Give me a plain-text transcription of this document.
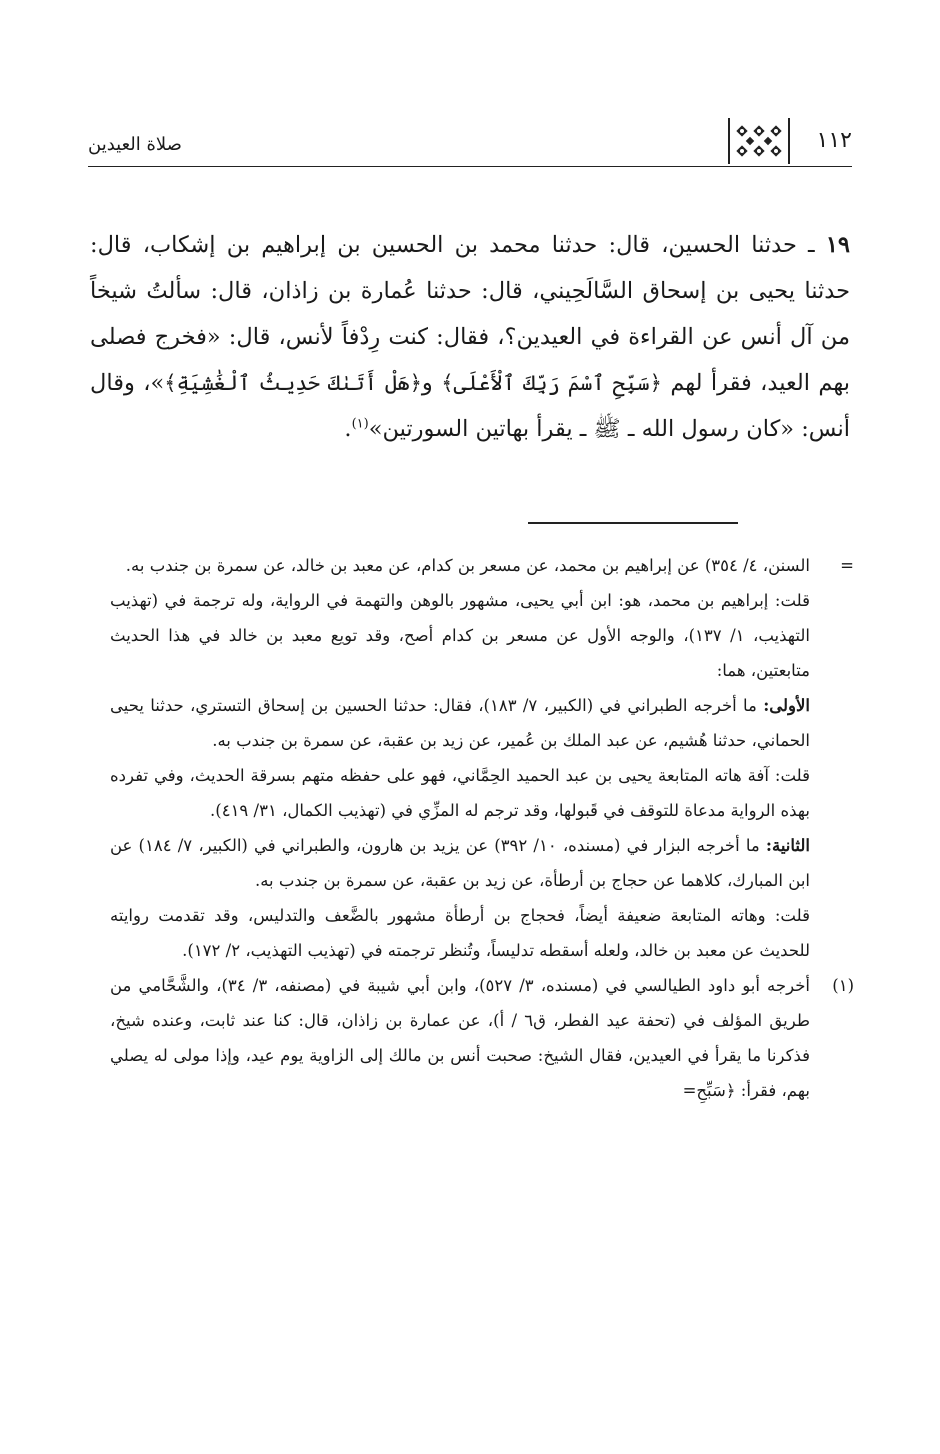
١١٢
صلاة العيدين

١٩ ـ حدثنا الحسين، قال: حدثنا محمد بن الحسين بن إبراهيم بن إشكاب، قال: حدثنا يحيى بن إسحاق السَّالَحِيني، قال: حدثنا عُمارة بن زاذان، قال: سألتُ شيخاً من آل أنس عن القراءة في العيدين؟، فقال: كنت رِدْفاً لأنس، قال: «فخرج فصلى بهم العيد، فقرأ لهم ﴿سَبِّحِ ٱسْمَ رَبِّكَ ٱلْأَعْلَى﴾ و﴿هَلْ أَتَىٰكَ حَدِيثُ ٱلْغَٰشِيَةِ﴾»، وقال أنس: «كان رسول الله ـ ﷺ ـ يقرأ بهاتين السورتين»$^{(١)}$.

=

السنن، ٤/ ٣٥٤) عن إبراهيم بن محمد، عن مسعر بن كدام، عن معبد بن خالد، عن سمرة بن جندب به.

قلت: إبراهيم بن محمد، هو: ابن أبي يحيى، مشهور بالوهن والتهمة في الرواية، وله ترجمة في (تهذيب التهذيب، ١/ ١٣٧)، والوجه الأول عن مسعر بن كدام أصح، وقد تويع معبد بن خالد في هذا الحديث متابعتين، هما:

الأولى: ما أخرجه الطبراني في (الكبير، ٧/ ١٨٣)، فقال: حدثنا الحسين بن إسحاق التستري، حدثنا يحيى الحماني، حدثنا هُشيم، عن عبد الملك بن عُمير، عن زيد بن عقبة، عن سمرة بن جندب به.

قلت: آفة هاته المتابعة يحيى بن عبد الحميد الحِمَّاني، فهو على حفظه متهم بسرقة الحديث، وفي تفرده بهذه الرواية مدعاة للتوقف في قَبولها، وقد ترجم له المزِّي في (تهذيب الكمال، ٣١/ ٤١٩).

الثانية: ما أخرجه البزار في (مسنده، ١٠/ ٣٩٢) عن يزيد بن هارون، والطبراني في (الكبير، ٧/ ١٨٤) عن ابن المبارك، كلاهما عن حجاج بن أرطأة، عن زيد بن عقبة، عن سمرة بن جندب به.

قلت: وهاته المتابعة ضعيفة أيضاً، فحجاج بن أرطأة مشهور بالضَّعف والتدليس، وقد تقدمت روايته للحديث عن معبد بن خالد، ولعله أسقطه تدليساً، وتُنظر ترجمته في (تهذيب التهذيب، ٢/ ١٧٢).

(١)

أخرجه أبو داود الطيالسي في (مسنده، ٣/ ٥٢٧)، وابن أبي شيبة في (مصنفه، ٣/ ٣٤)، والشَّحَّامي من طريق المؤلف في (تحفة عيد الفطر، ق٦ / أ)، عن عمارة بن زاذان، قال: كنا عند ثابت، وعنده شيخ، فذكرنا ما يقرأ في العيدين، فقال الشيخ: صحبت أنس بن مالك إلى الزاوية يوم عيد، وإذا مولى له يصلي بهم، فقرأ: ﴿سَبِّحِ=
